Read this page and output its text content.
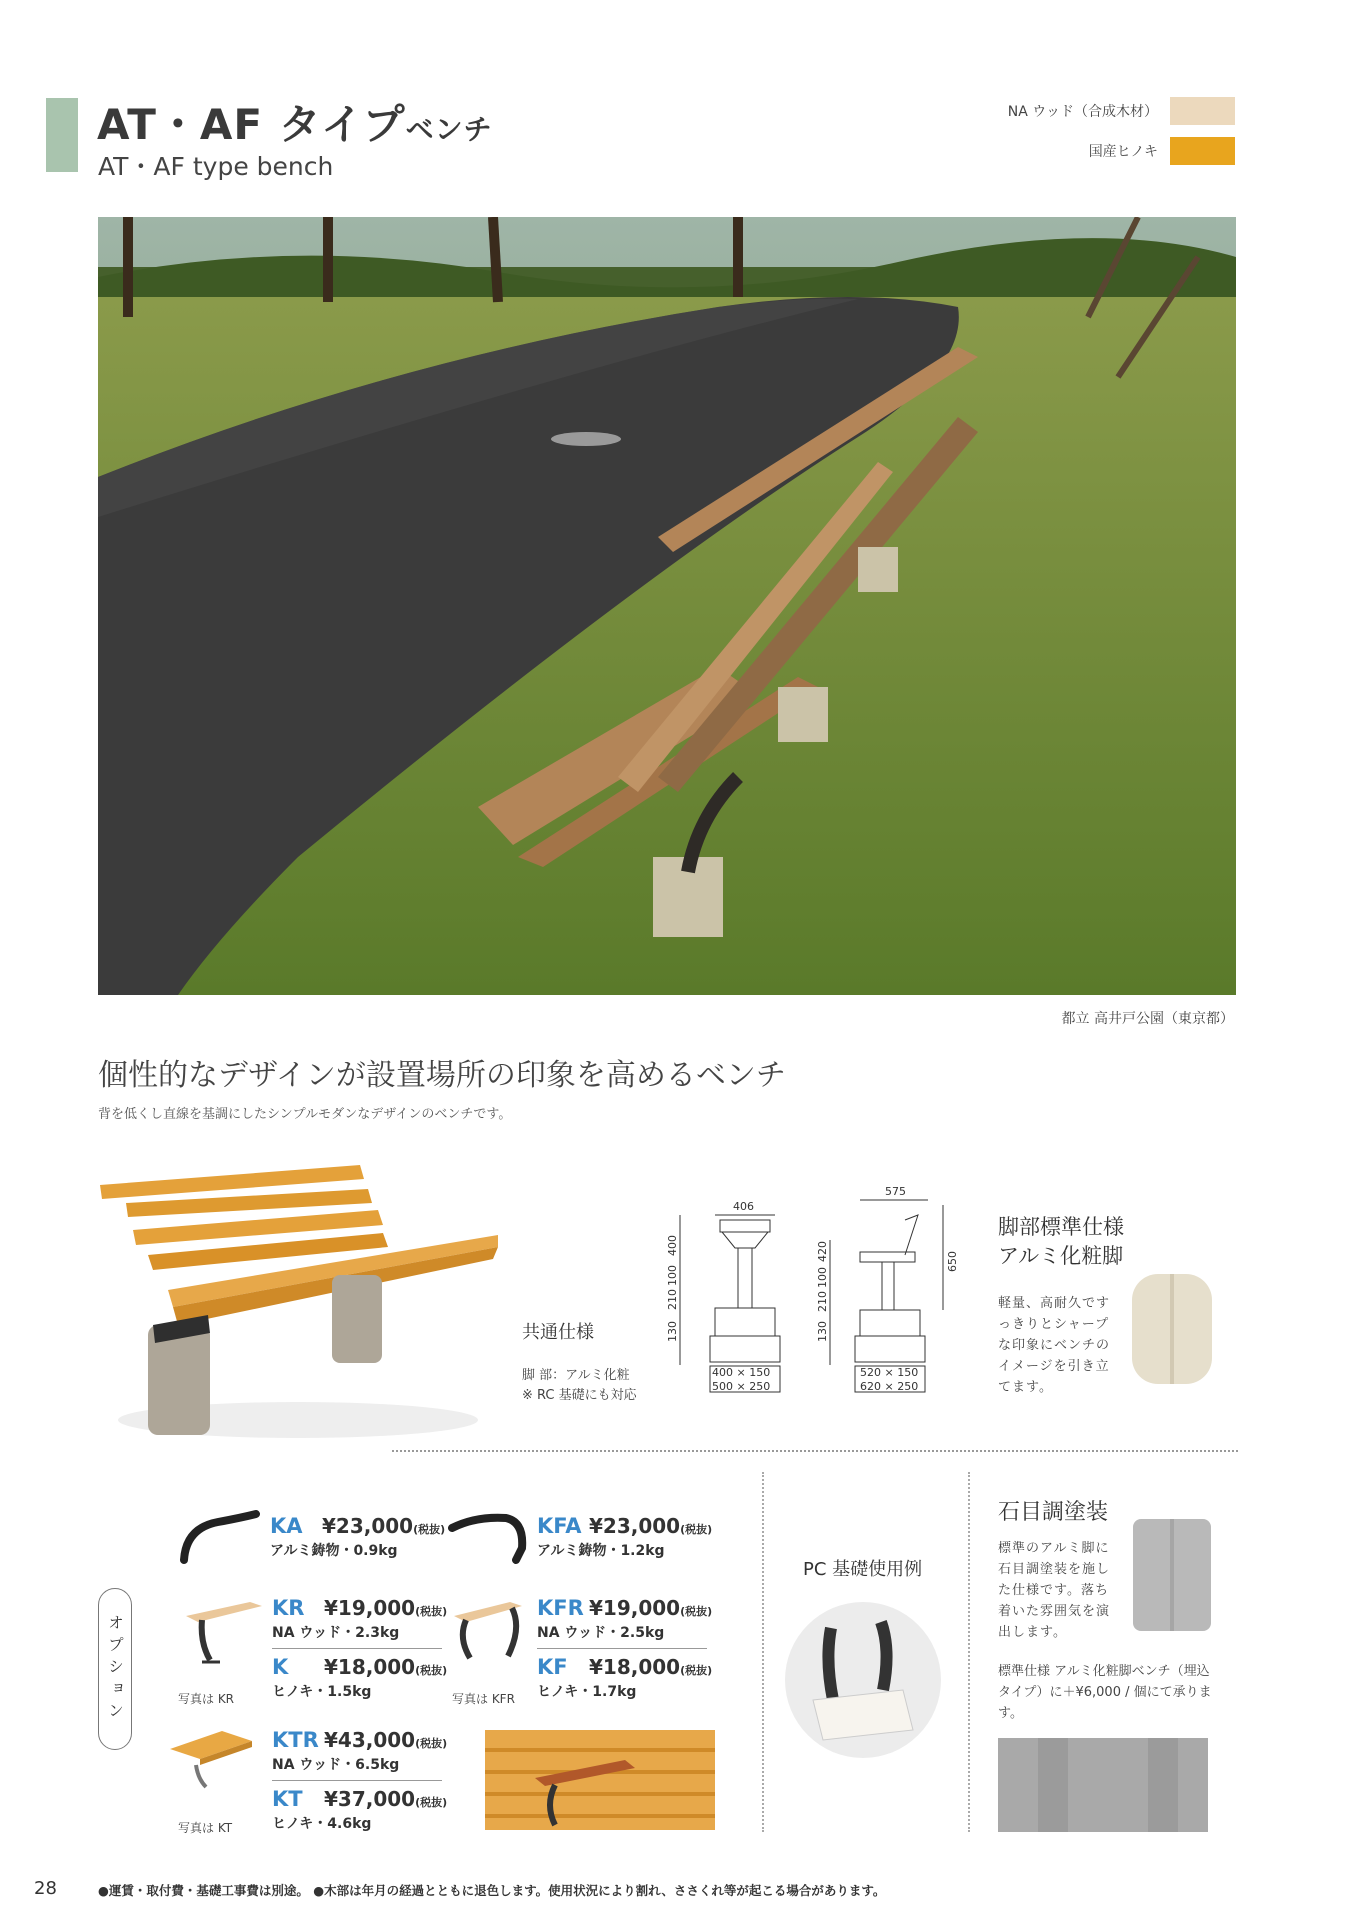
AT・AF タイプベンチ
AT・AF type bench
NA ウッド（合成木材）
国産ヒノキ
都立 高井戸公園（東京都）
個性的なデザインが設置場所の印象を高めるベンチ
背を低くし直線を基調にしたシンプルモダンなデザインのベンチです。
共通仕様

脚 部：アルミ化粧

※ RC 基礎にも対応

406
130
210
100
400
400 × 150
500 × 250
575
650
130
210
100
420
520 × 150
620 × 250
脚部標準仕様
アルミ化粧脚

軽量、高耐久ですっきりとシャープな印象にベンチのイメージを引き立てます。

オプション
KA ¥23,000(税抜)
アルミ鋳物・0.9kg
KFA ¥23,000(税抜)
アルミ鋳物・1.2kg
KR ¥19,000(税抜)
NA ウッド・2.3kg
K ¥18,000(税抜)
ヒノキ・1.5kg
KFR ¥19,000(税抜)
NA ウッド・2.5kg
KF ¥18,000(税抜)
ヒノキ・1.7kg
KTR ¥43,000(税抜)
NA ウッド・6.5kg
KT ¥37,000(税抜)
ヒノキ・4.6kg
写真は KR	写真は KFR
写真は KT
PC 基礎使用例
石目調塗装

標準のアルミ脚に石目調塗装を施した仕様です。落ち着いた雰囲気を演出します。

標準仕様 アルミ化粧脚ベンチ（埋込タイプ）に＋¥6,000 / 個にて承ります。

28	●運賃・取付費・基礎工事費は別途。 ●木部は年月の経過とともに退色します。使用状況により割れ、ささくれ等が起こる場合があります。
